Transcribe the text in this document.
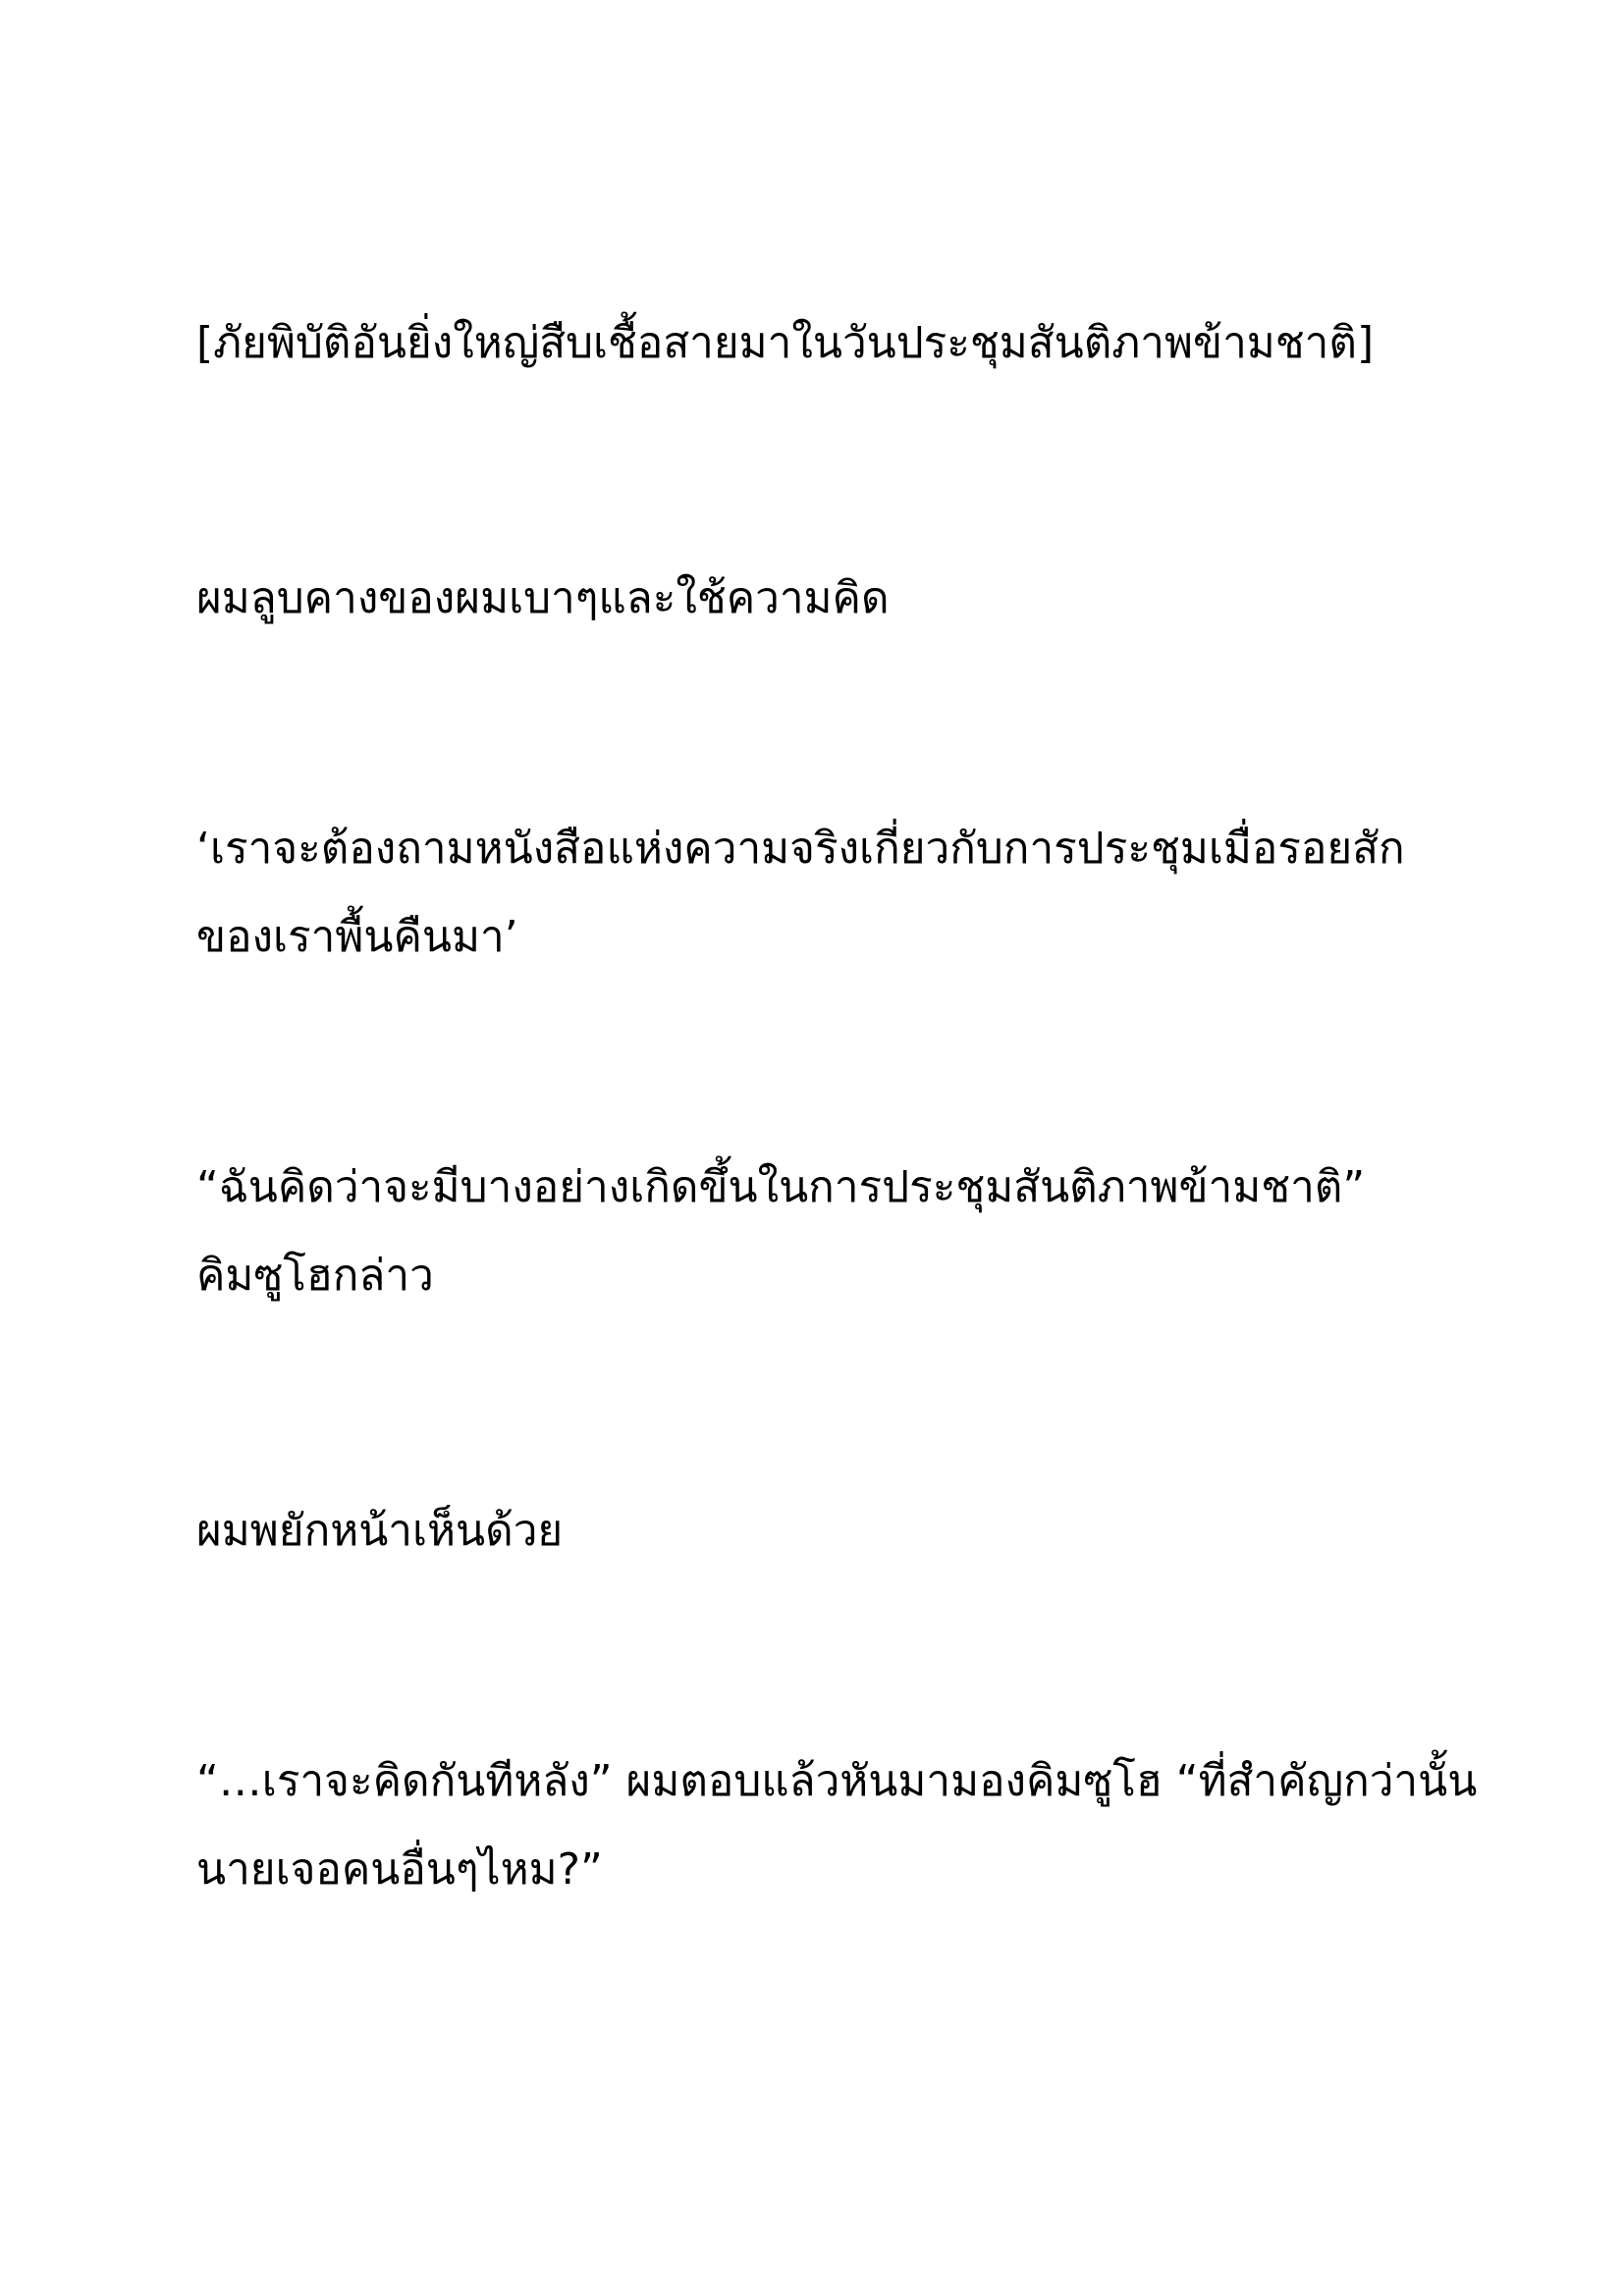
[ภัยพิบัติอันยิ่งใหญ่สืบเชื้อสายมาในวันประชุมสันติภาพข้ามชาติ]

ผมลูบคางของผมเบาๆและใช้ความคิด

‘เราจะต้องถามหนังสือแห่งความจริงเกี่ยวกับการประชุมเมื่อรอยสัก

ของเราพื้นคืนมา’

“ฉันคิดว่าจะมีบางอย่างเกิดขึ้นในการประชุมสันติภาพข้ามชาติ”

คิมซูโฮกล่าว

ผมพยักหน้าเห็นด้วย

“…เราจะคิดกันทีหลัง” ผมตอบแล้วหันมามองคิมซูโฮ “ที่สำคัญกว่านั้น

นายเจอคนอื่นๆไหม?”
